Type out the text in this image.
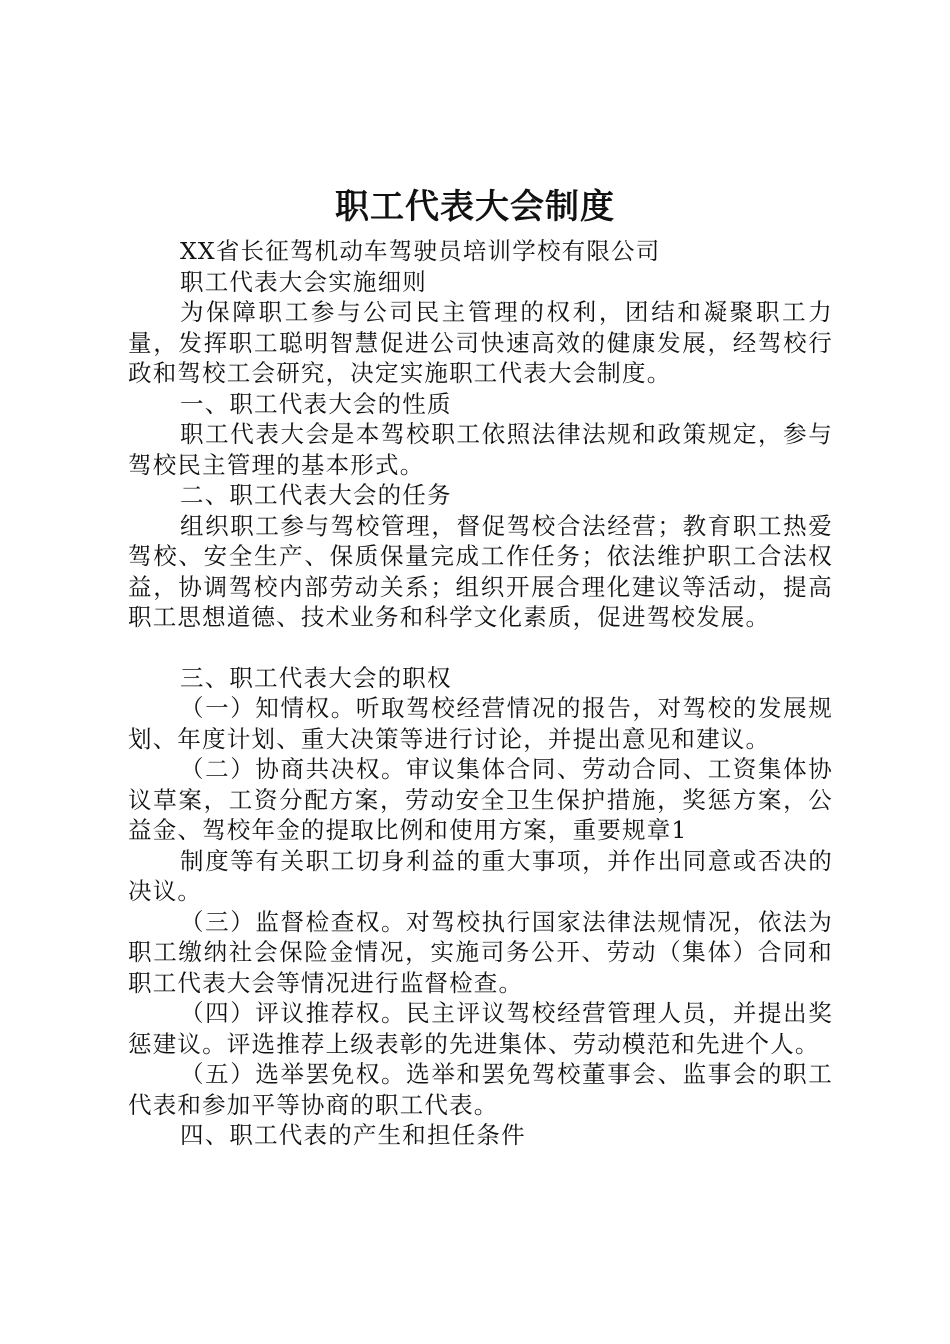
职工代表大会制度

XX省长征驾机动车驾驶员培训学校有限公司

职工代表大会实施细则

为保障职工参与公司民主管理的权利，团结和凝聚职工力量，发挥职工聪明智慧促进公司快速高效的健康发展，经驾校行政和驾校工会研究，决定实施职工代表大会制度。

一、职工代表大会的性质

职工代表大会是本驾校职工依照法律法规和政策规定，参与驾校民主管理的基本形式。

二、职工代表大会的任务

组织职工参与驾校管理，督促驾校合法经营；教育职工热爱驾校、安全生产、保质保量完成工作任务；依法维护职工合法权益，协调驾校内部劳动关系；组织开展合理化建议等活动，提高职工思想道德、技术业务和科学文化素质，促进驾校发展。

三、职工代表大会的职权

（一）知情权。听取驾校经营情况的报告，对驾校的发展规划、年度计划、重大决策等进行讨论，并提出意见和建议。

（二）协商共决权。审议集体合同、劳动合同、工资集体协议草案，工资分配方案，劳动安全卫生保护措施，奖惩方案，公益金、驾校年金的提取比例和使用方案，重要规章1

制度等有关职工切身利益的重大事项，并作出同意或否决的决议。

（三）监督检查权。对驾校执行国家法律法规情况，依法为职工缴纳社会保险金情况，实施司务公开、劳动（集体）合同和职工代表大会等情况进行监督检查。

（四）评议推荐权。民主评议驾校经营管理人员，并提出奖惩建议。评选推荐上级表彰的先进集体、劳动模范和先进个人。

（五）选举罢免权。选举和罢免驾校董事会、监事会的职工代表和参加平等协商的职工代表。

四、职工代表的产生和担任条件
